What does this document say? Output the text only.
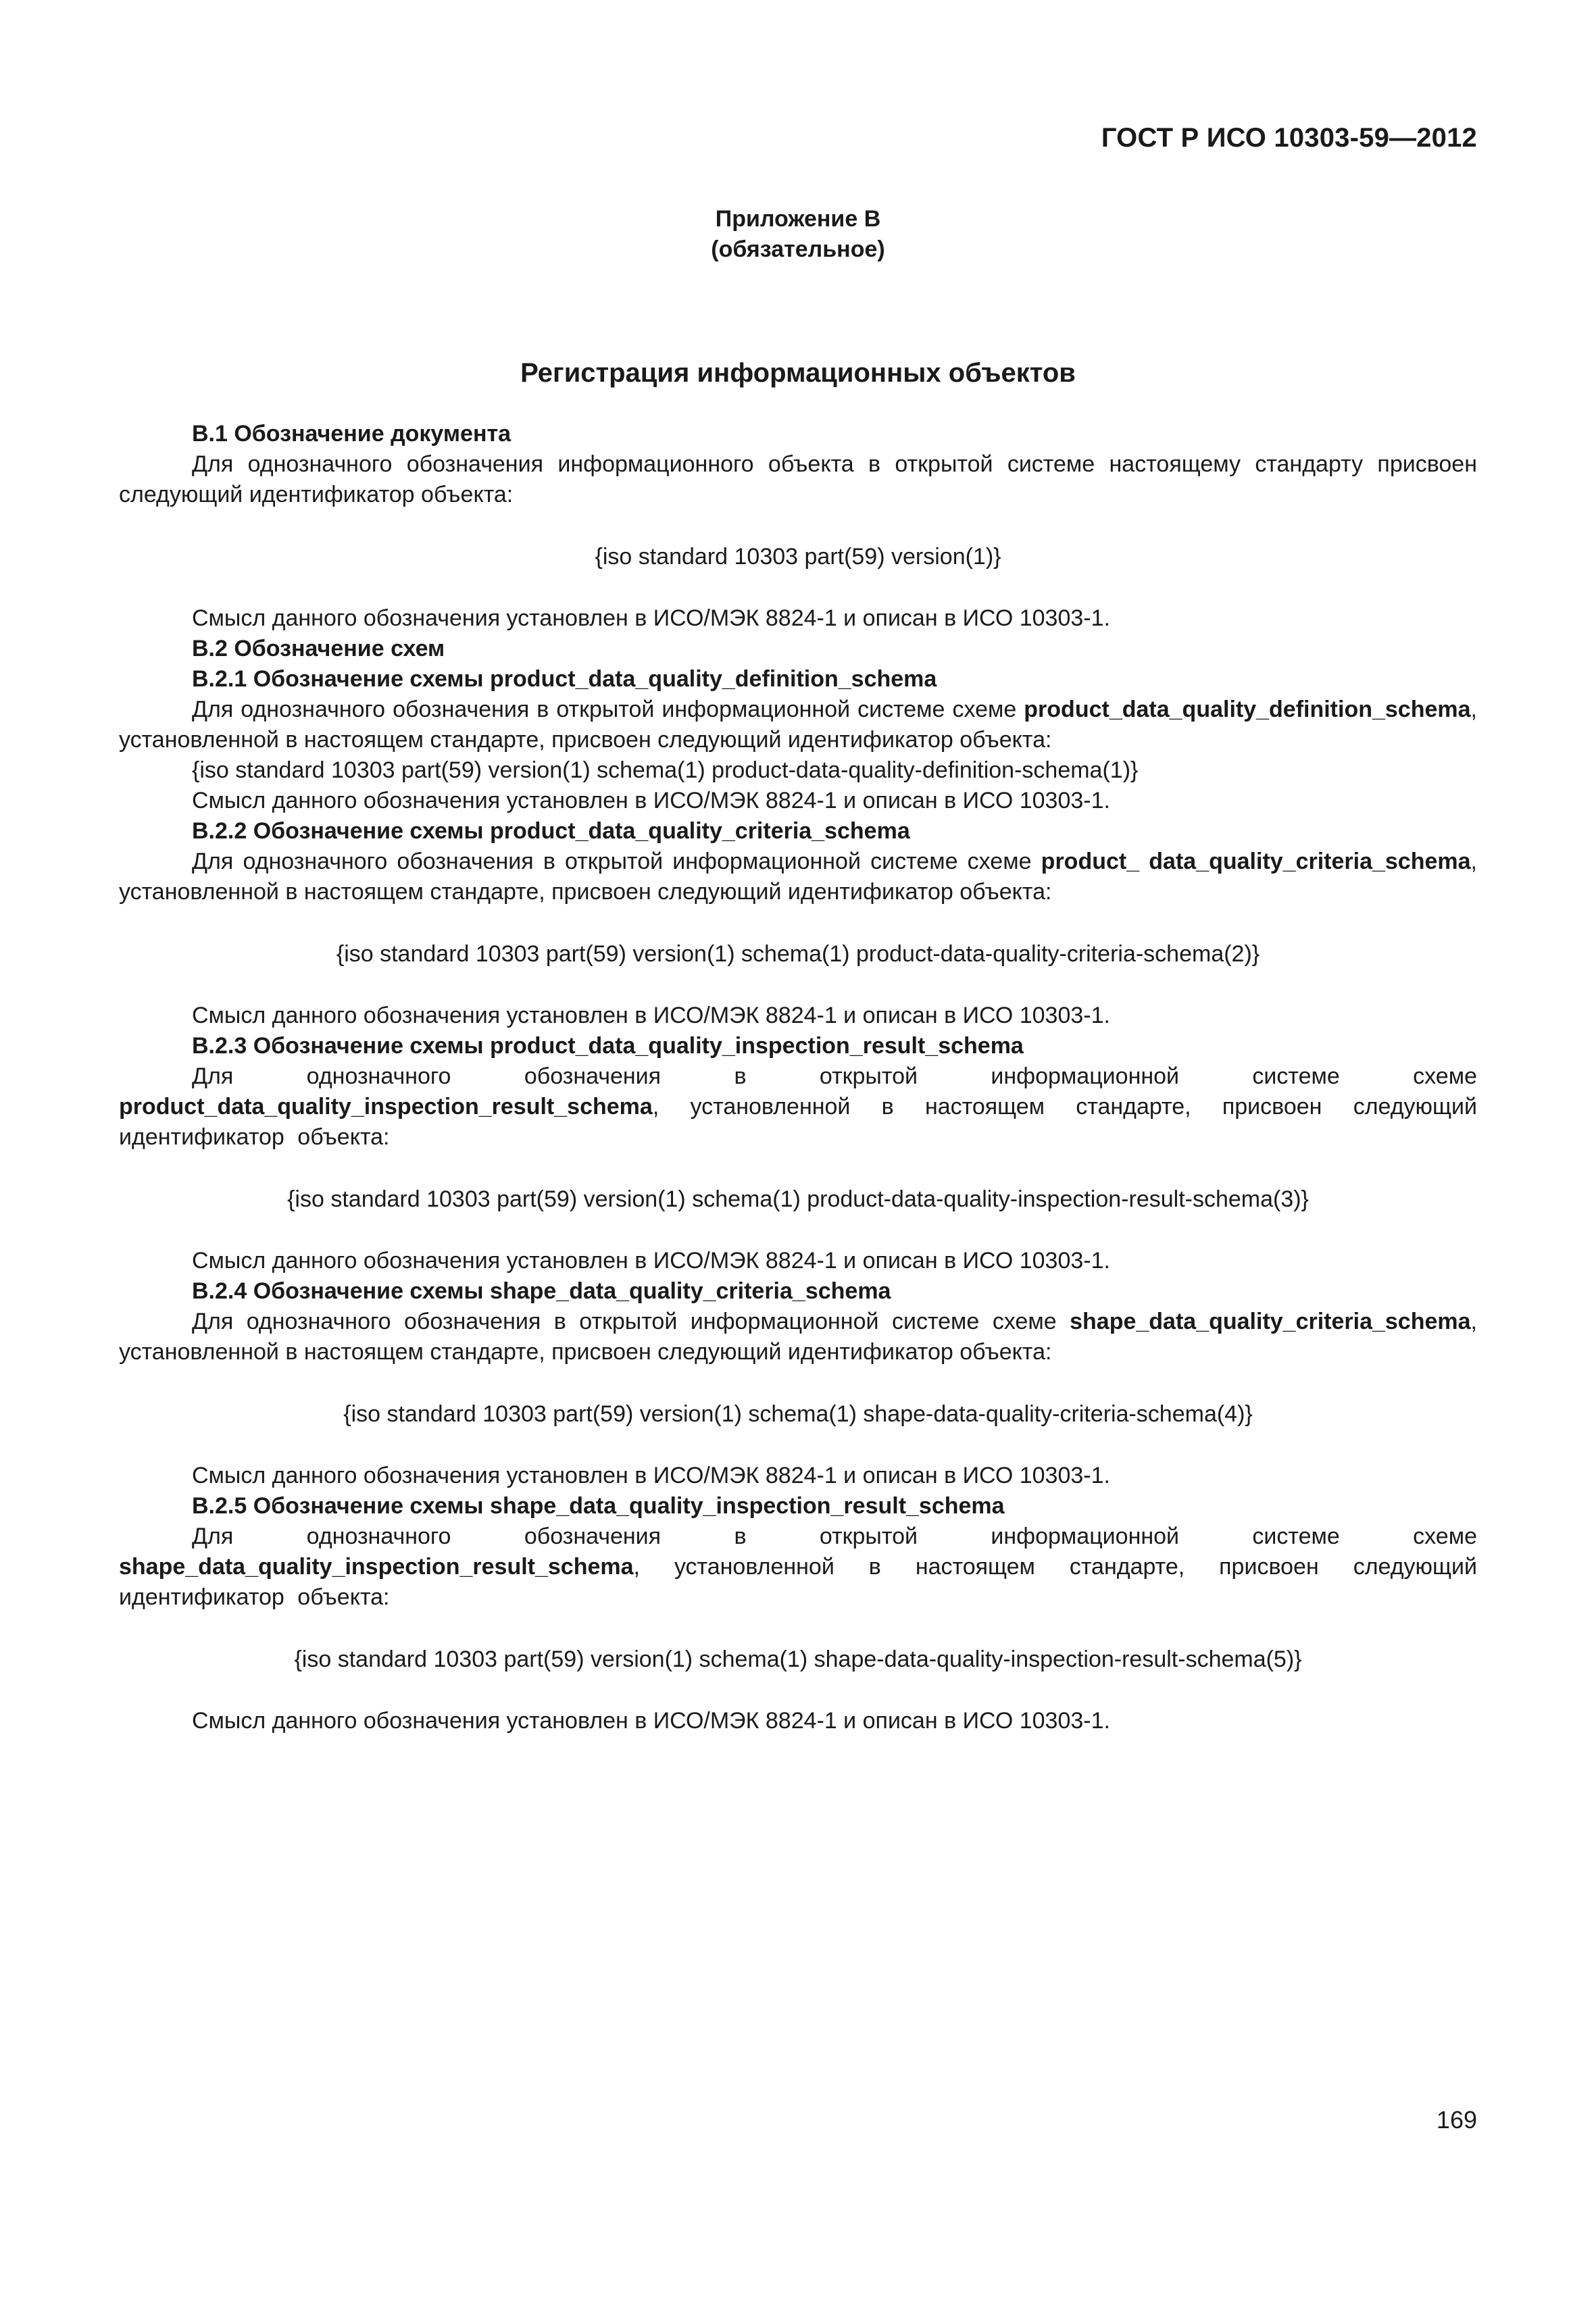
ГОСТ Р ИСО 10303-59—2012
Приложение В
(обязательное)
Регистрация информационных объектов

В.1 Обозначение документа

Для однозначного обозначения информационного объекта в открытой системе настоящему стандарту присвоен следующий идентификатор объекта:

{iso standard 10303 part(59) version(1)}

Смысл данного обозначения установлен в ИСО/МЭК 8824-1 и описан в ИСО 10303-1.

В.2 Обозначение схем

В.2.1 Обозначение схемы product_data_quality_definition_schema

Для однозначного обозначения в открытой информационной системе схеме product_data_quality_definition_schema, установленной в настоящем стандарте, присвоен следующий идентификатор объекта:

{iso standard 10303 part(59) version(1) schema(1) product-data-quality-definition-schema(1)}

Смысл данного обозначения установлен в ИСО/МЭК 8824-1 и описан в ИСО 10303-1.

В.2.2 Обозначение схемы product_data_quality_criteria_schema

Для однозначного обозначения в открытой информационной системе схеме product_ data_quality_criteria_schema, установленной в настоящем стандарте, присвоен следующий идентификатор объекта:

{iso standard 10303 part(59) version(1) schema(1) product-data-quality-criteria-schema(2)}

Смысл данного обозначения установлен в ИСО/МЭК 8824-1 и описан в ИСО 10303-1.

В.2.3 Обозначение схемы product_data_quality_inspection_result_schema

Для однозначного обозначения в открытой информационной системе схеме product_data_quality_inspection_result_schema, установленной в настоящем стандарте, присвоен следующий идентификатор объекта:

{iso standard 10303 part(59) version(1) schema(1) product-data-quality-inspection-result-schema(3)}

Смысл данного обозначения установлен в ИСО/МЭК 8824-1 и описан в ИСО 10303-1.

В.2.4 Обозначение схемы shape_data_quality_criteria_schema

Для однозначного обозначения в открытой информационной системе схеме shape_data_quality_criteria_schema, установленной в настоящем стандарте, присвоен следующий идентификатор объекта:

{iso standard 10303 part(59) version(1) schema(1) shape-data-quality-criteria-schema(4)}

Смысл данного обозначения установлен в ИСО/МЭК 8824-1 и описан в ИСО 10303-1.

В.2.5 Обозначение схемы shape_data_quality_inspection_result_schema

Для однозначного обозначения в открытой информационной системе схеме shape_data_quality_inspection_result_schema, установленной в настоящем стандарте, присвоен следующий идентификатор объекта:

{iso standard 10303 part(59) version(1) schema(1) shape-data-quality-inspection-result-schema(5)}

Смысл данного обозначения установлен в ИСО/МЭК 8824-1 и описан в ИСО 10303-1.

169
